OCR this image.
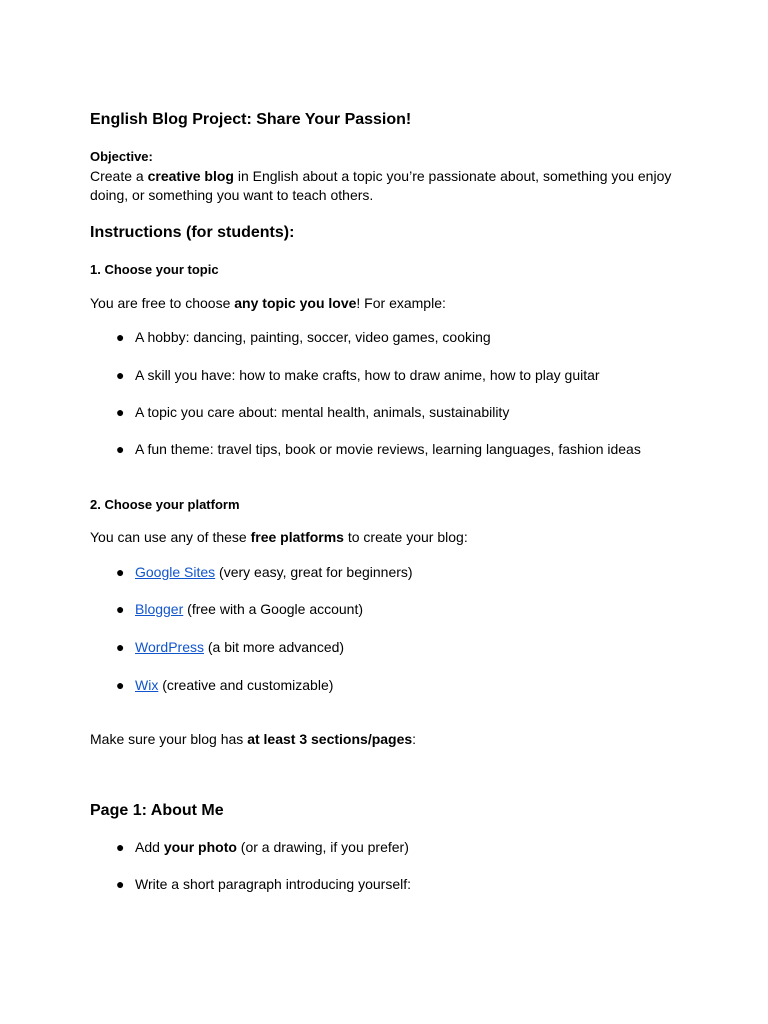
English Blog Project: Share Your Passion!
Objective:
Create a creative blog in English about a topic you’re passionate about, something you enjoy doing, or something you want to teach others.
Instructions (for students):
1. Choose your topic
You are free to choose any topic you love! For example:
● A hobby: dancing, painting, soccer, video games, cooking
● A skill you have: how to make crafts, how to draw anime, how to play guitar
● A topic you care about: mental health, animals, sustainability
● A fun theme: travel tips, book or movie reviews, learning languages, fashion ideas
2. Choose your platform
You can use any of these free platforms to create your blog:
● Google Sites (very easy, great for beginners)
● Blogger (free with a Google account)
● WordPress (a bit more advanced)
● Wix (creative and customizable)
Make sure your blog has at least 3 sections/pages:
Page 1: About Me
● Add your photo (or a drawing, if you prefer)
● Write a short paragraph introducing yourself:
